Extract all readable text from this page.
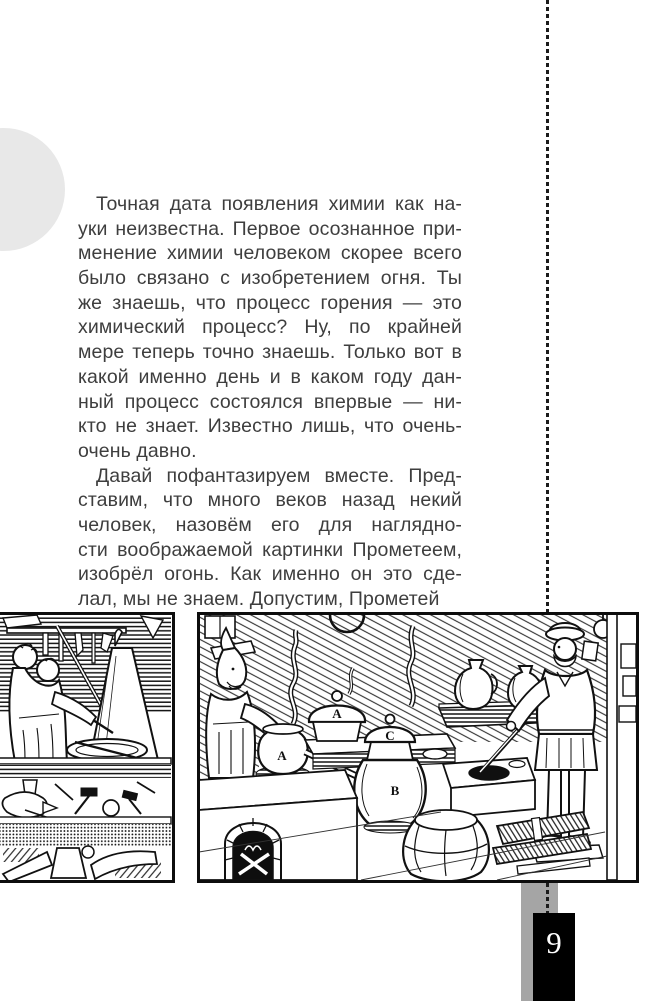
Точная дата появления химии как на-
уки неизвестна. Первое осознанное при-
менение химии человеком скорее всего
было связано с изобретением огня. Ты
же знаешь, что процесс горения — это
химический процесс? Ну, по крайней
мере теперь точно знаешь. Только вот в
какой именно день и в каком году дан-
ный процесс состоялся впервые — ни-
кто не знает. Известно лишь, что очень-
очень давно.
Давай пофантазируем вместе. Пред-
ставим, что много веков назад некий
человек, назовём его для наглядно-
сти воображаемой картинки Прометеем,
изобрёл огонь. Как именно он это сде-
лал, мы не знаем. Допустим, Прометей
A
A
C
B
9
